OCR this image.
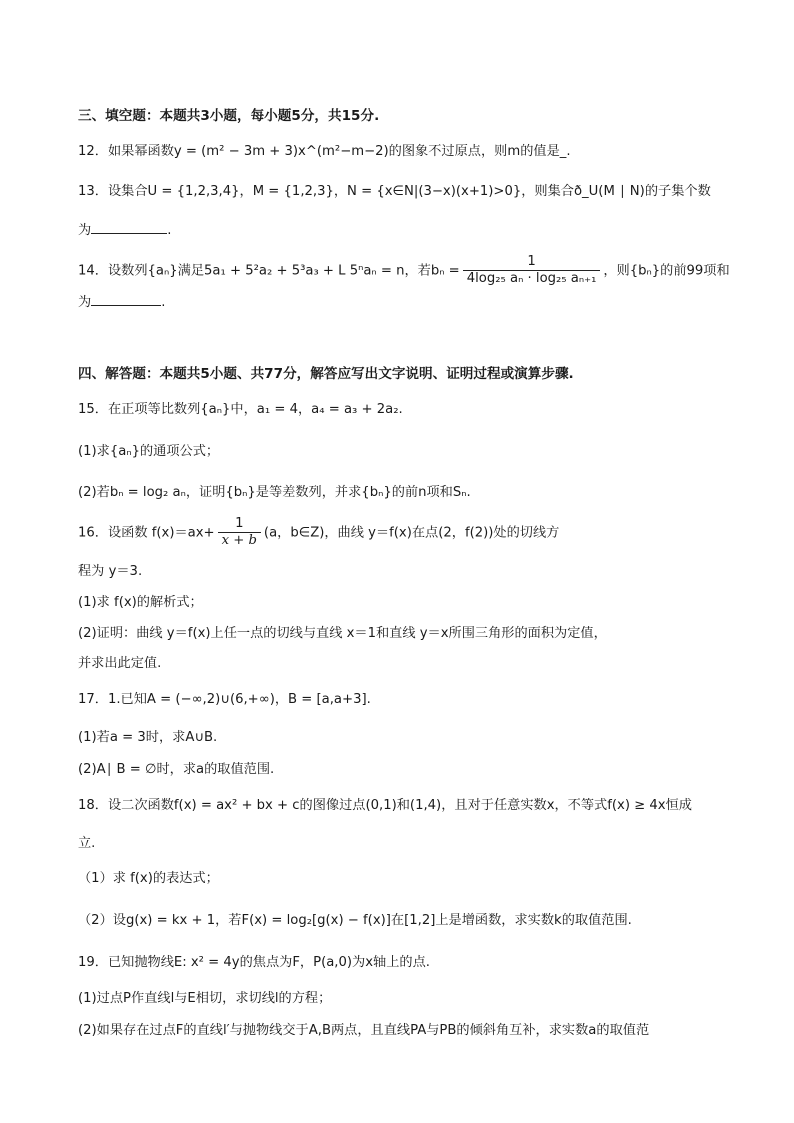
三、填空题：本题共3小题，每小题5分，共15分.
12．如果幂函数y = (m² − 3m + 3)x^(m²−m−2)的图象不过原点，则m的值是_.
13．设集合U = {1,2,3,4}，M = {1,2,3}，N = {x∈N|(3−x)(x+1)>0}，则集合ð_U(M ∣ N)的子集个数
为	.
14．设数列{aₙ}满足5a₁ + 5²a₂ + 5³a₃ + L 5ⁿaₙ = n，若$b_n = \frac{1}{\text{4log₂₅ aₙ · log₂₅ aₙ₊₁}}$ ，则{bₙ}的前99项和
为	.
四、解答题：本题共5小题、共77分，解答应写出文字说明、证明过程或演算步骤.
15．在正项等比数列{aₙ}中，a₁ = 4，a₄ = a₃ + 2a₂.
(1)求{aₙ}的通项公式；
(2)若bₙ = log₂ aₙ，证明{bₙ}是等差数列，并求{bₙ}的前n项和Sₙ.
16．设函数 $f(x)=ax+ \frac{1}{x + b} (a$，b∈Z)，曲线 y＝f(x)在点(2，f(2))处的切线方
程为 y＝3.
(1)求 f(x)的解析式；
(2)证明：曲线 y＝f(x)上任一点的切线与直线 x＝1和直线 y＝x所围三角形的面积为定值，
并求出此定值.
17．1.已知A = (−∞,2)∪(6,+∞)，B = [a,a+3].
(1)若a = 3时，求A∪B.
(2)A∣ B = ∅时，求a的取值范围.
18．设二次函数f(x) = ax² + bx + c的图像过点(0,1)和(1,4)，且对于任意实数x，不等式f(x) ≥ 4x恒成
立.
（1）求 f(x)的表达式；
（2）设g(x) = kx + 1，若F(x) = log₂[g(x) − f(x)]在[1,2]上是增函数，求实数k的取值范围.
19．已知抛物线E: x² = 4y的焦点为F，P(a,0)为x轴上的点.
(1)过点P作直线l与E相切，求切线l的方程；
(2)如果存在过点F的直线l′与抛物线交于A,B两点，且直线PA与PB的倾斜角互补，求实数a的取值范
